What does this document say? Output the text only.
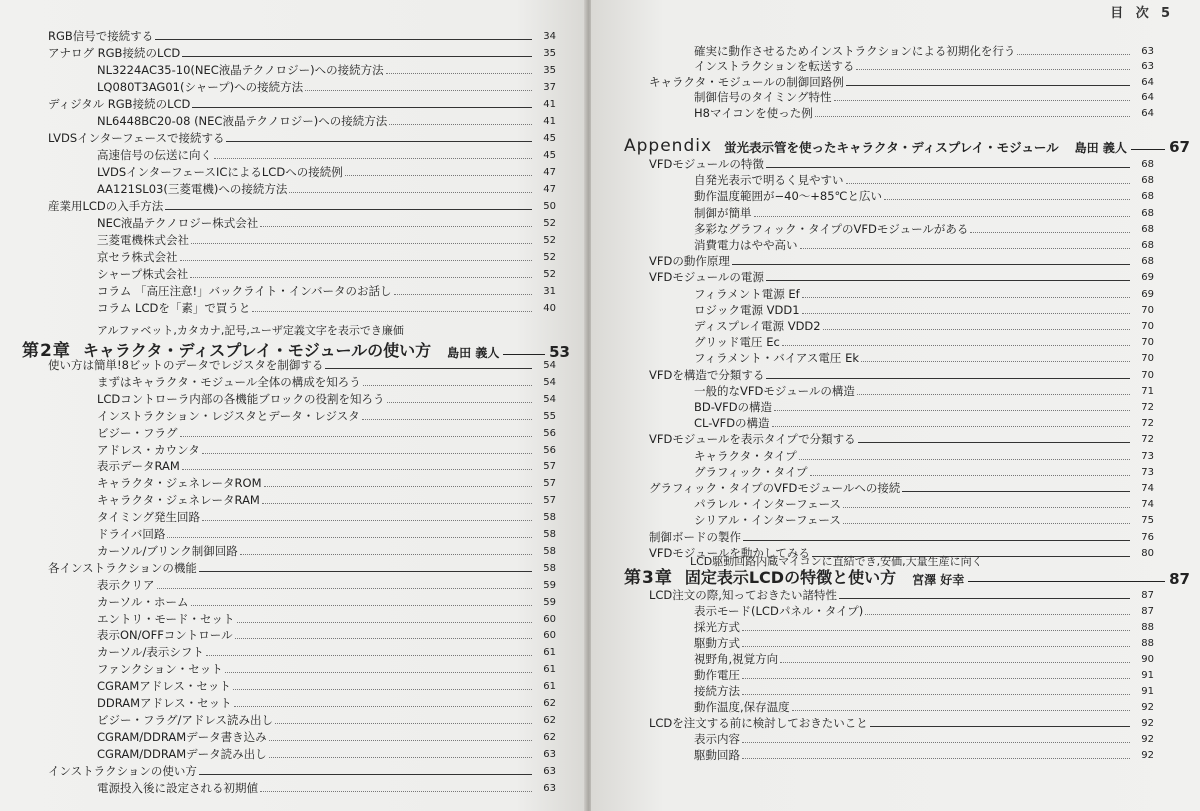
アルファベット,カタカナ,記号,ユーザ定義文字を表示でき廉価
第2章 キャラクタ・ディスプレイ・モジュールの使い方	島田 義人	53
RGB信号で接続する	34
アナログ RGB接続のLCD	35
NL3224AC35-10(NEC液晶テクノロジー)への接続方法	35
LQ080T3AG01(シャープ)への接続方法	37
ディジタル RGB接続のLCD	41
NL6448BC20-08 (NEC液晶テクノロジー)への接続方法	41
LVDSインターフェースで接続する	45
高速信号の伝送に向く	45
LVDSインターフェースICによるLCDへの接続例	47
AA121SL03(三菱電機)への接続方法	47
産業用LCDの入手方法	50
NEC液晶テクノロジー株式会社	52
三菱電機株式会社	52
京セラ株式会社	52
シャープ株式会社	52
コラム 「高圧注意!」バックライト・インバータのお話し	31
コラム LCDを「素」で買うと	40
使い方は簡単!8ビットのデータでレジスタを制御する	54
まずはキャラクタ・モジュール全体の構成を知ろう	54
LCDコントローラ内部の各機能ブロックの役割を知ろう	54
インストラクション・レジスタとデータ・レジスタ	55
ビジー・フラグ	56
アドレス・カウンタ	56
表示データRAM	57
キャラクタ・ジェネレータROM	57
キャラクタ・ジェネレータRAM	57
タイミング発生回路	58
ドライバ回路	58
カーソル/ブリンク制御回路	58
各インストラクションの機能	58
表示クリア	59
カーソル・ホーム	59
エントリ・モード・セット	60
表示ON/OFFコントロール	60
カーソル/表示シフト	61
ファンクション・セット	61
CGRAMアドレス・セット	61
DDRAMアドレス・セット	62
ビジー・フラグ/アドレス読み出し	62
CGRAM/DDRAMデータ書き込み	62
CGRAM/DDRAMデータ読み出し	63
インストラクションの使い方	63
電源投入後に設定される初期値	63
目 次 5
Appendix 蛍光表示管を使ったキャラクタ・ディスプレイ・モジュール	島田 義人	67
LCD駆動回路内蔵マイコンに直結でき,安価,大量生産に向く
第3章 固定表示LCDの特徴と使い方	宮澤 好幸	87
確実に動作させるためインストラクションによる初期化を行う	63
インストラクションを転送する	63
キャラクタ・モジュールの制御回路例	64
制御信号のタイミング特性	64
H8マイコンを使った例	64
VFDモジュールの特徴	68
自発光表示で明るく見やすい	68
動作温度範囲が−40〜+85℃と広い	68
制御が簡単	68
多彩なグラフィック・タイプのVFDモジュールがある	68
消費電力はやや高い	68
VFDの動作原理	68
VFDモジュールの電源	69
フィラメント電源 Ef	69
ロジック電源 VDD1	70
ディスプレイ電源 VDD2	70
グリッド電圧 Ec	70
フィラメント・バイアス電圧 Ek	70
VFDを構造で分類する	70
一般的なVFDモジュールの構造	71
BD-VFDの構造	72
CL-VFDの構造	72
VFDモジュールを表示タイプで分類する	72
キャラクタ・タイプ	73
グラフィック・タイプ	73
グラフィック・タイプのVFDモジュールへの接続	74
パラレル・インターフェース	74
シリアル・インターフェース	75
制御ボードの製作	76
VFDモジュールを動かしてみる	80
LCD注文の際,知っておきたい諸特性	87
表示モード(LCDパネル・タイプ)	87
採光方式	88
駆動方式	88
視野角,視覚方向	90
動作電圧	91
接続方法	91
動作温度,保存温度	92
LCDを注文する前に検討しておきたいこと	92
表示内容	92
駆動回路	92
